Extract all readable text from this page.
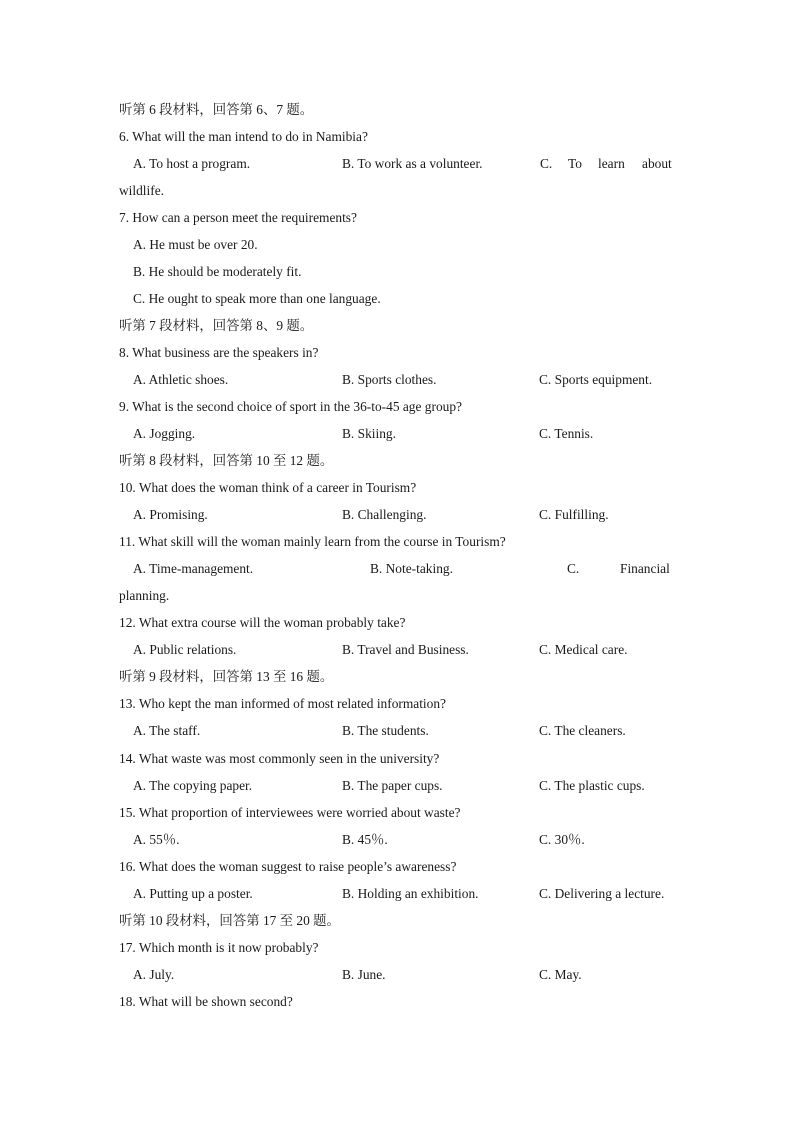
听第 6 段材料，回答第 6、7 题。
6. What will the man intend to do in Namibia?
A. To host a program.	B. To work as a volunteer.	C. To learn about
wildlife.
7. How can a person meet the requirements?
A. He must be over 20.
B. He should be moderately fit.
C. He ought to speak more than one language.
听第 7 段材料，回答第 8、9 题。
8. What business are the speakers in?
A. Athletic shoes.	B. Sports clothes.	C. Sports equipment.
9. What is the second choice of sport in the 36-to-45 age group?
A. Jogging.	B. Skiing.	C. Tennis.
听第 8 段材料，回答第 10 至 12 题。
10. What does the woman think of a career in Tourism?
A. Promising.	B. Challenging.	C. Fulfilling.
11. What skill will the woman mainly learn from the course in Tourism?
A. Time-management.	B. Note-taking.	C.	Financial
planning.
12. What extra course will the woman probably take?
A. Public relations.	B. Travel and Business.	C. Medical care.
听第 9 段材料，回答第 13 至 16 题。
13. Who kept the man informed of most related information?
A. The staff.	B. The students.	C. The cleaners.
14. What waste was most commonly seen in the university?
A. The copying paper.	B. The paper cups.	C. The plastic cups.
15. What proportion of interviewees were worried about waste?
A. 55％.	B. 45％.	C. 30％.
16. What does the woman suggest to raise people’s awareness?
A. Putting up a poster.	B. Holding an exhibition.	C. Delivering a lecture.
听第 10 段材料，回答第 17 至 20 题。
17. Which month is it now probably?
A. July.	B. June.	C. May.
18. What will be shown second?
